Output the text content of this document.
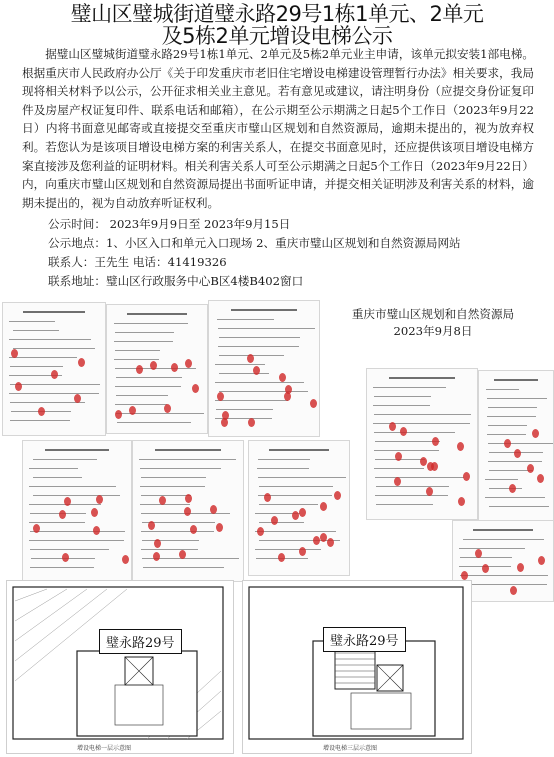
璧山区璧城街道璧永路29号1栋1单元、2单元
及5栋2单元增设电梯公示

据璧山区璧城街道璧永路29号1栋1单元、2单元及5栋2单元业主申请，该单元拟安装1部电梯。根据重庆市人民政府办公厅《关于印发重庆市老旧住宅增设电梯建设管理暂行办法》相关要求，我局现将相关材料予以公示，公开征求相关业主意见。若有意见或建议，请注明身份（应提交身份证复印件及房屋产权证复印件、联系电话和邮箱），在公示期至公示期满之日起5个工作日（2023年9月22日）内将书面意见邮寄或直接提交至重庆市璧山区规划和自然资源局，逾期未提出的，视为放弃权利。若您认为是该项目增设电梯方案的利害关系人，在提交书面意见时，还应提供该项目增设电梯方案直接涉及您利益的证明材料。相关利害关系人可至公示期满之日起5个工作日（2023年9月22日）内，向重庆市璧山区规划和自然资源局提出书面听证申请，并提交相关证明涉及利害关系的材料，逾期未提出的，视为自动放弃听证权利。

公示时间： 2023年9月9日至 2023年9月15日
公示地点：1、小区入口和单元入口现场 2、重庆市璧山区规划和自然资源局网站
联系人：王先生 电话：41419326
联系地址：璧山区行政服务中心B区4楼B402窗口
重庆市璧山区规划和自然资源局
2023年9月8日
璧永路29号
增设电梯一层示意图
璧永路29号
增设电梯三层示意图
